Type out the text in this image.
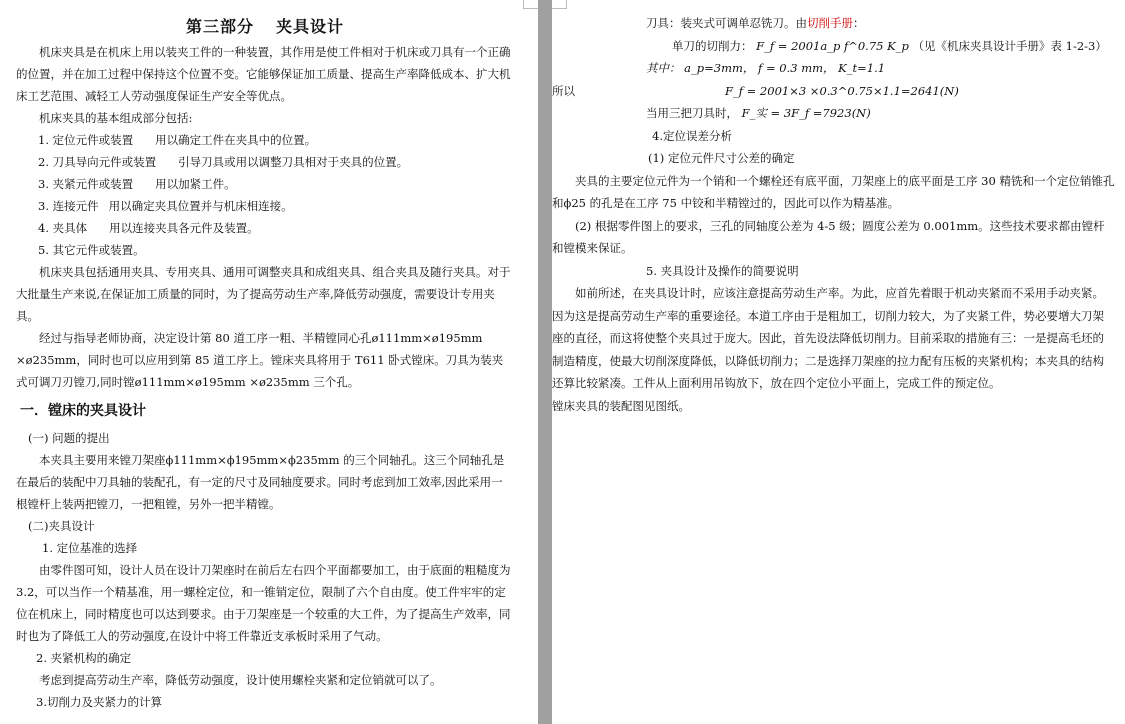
第三部分 夹具设计

机床夹具是在机床上用以装夹工件的一种装置，其作用是使工件相对于机床或刀具有一个正确的位置，并在加工过程中保持这个位置不变。它能够保证加工质量、提高生产率降低成本、扩大机床工艺范围、减轻工人劳动强度保证生产安全等优点。

机床夹具的基本组成部分包括:

1. 定位元件或装置 用以确定工件在夹具中的位置。

2. 刀具导向元件或装置 引导刀具或用以调整刀具相对于夹具的位置。

3. 夹紧元件或装置 用以加紧工件。

3. 连接元件 用以确定夹具位置并与机床相连接。

4. 夹具体 用以连接夹具各元件及装置。

5. 其它元件或装置。

机床夹具包括通用夹具、专用夹具、通用可调整夹具和成组夹具、组合夹具及随行夹具。对于大批量生产来说,在保证加工质量的同时，为了提高劳动生产率,降低劳动强度，需要设计专用夹具。

经过与指导老师协商，决定设计第 80 道工序一粗、半精镗同心孔ø111mm×ø195mm ×ø235mm，同时也可以应用到第 85 道工序上。镗床夹具将用于 T611 卧式镗床。刀具为装夹式可调刀刃镗刀,同时镗ø111mm×ø195mm ×ø235mm 三个孔。

一．镗床的夹具设计

(一) 问题的提出

本夹具主要用来镗刀架座ϕ111mm×ϕ195mm×ϕ235mm 的三个同轴孔。这三个同轴孔是在最后的装配中刀具轴的装配孔，有一定的尺寸及同轴度要求。同时考虑到加工效率,因此采用一根镗杆上装两把镗刀，一把粗镗，另外一把半精镗。

(二)夹具设计

1. 定位基准的选择

由零件图可知，设计人员在设计刀架座时在前后左右四个平面都要加工，由于底面的粗糙度为 3.2，可以当作一个精基准，用一螺栓定位，和一锥销定位，限制了六个自由度。使工件牢牢的定位在机床上，同时精度也可以达到要求。由于刀架座是一个较重的大工件，为了提高生产效率，同时也为了降低工人的劳动强度,在设计中将工件靠近支承板时采用了气动。

2. 夹紧机构的确定

考虑到提高劳动生产率，降低劳动强度，设计使用螺栓夹紧和定位销就可以了。

3.切削力及夹紧力的计算

刀具：装夹式可调单忍铣刀。由切削手册：

单刀的切削力： F_f = 2001a_p f^0.75 K_p （见《机床夹具设计手册》表 1-2-3）

其中： a_p=3mm， f = 0.3 mm， K_t=1.1

所以	F_f = 2001×3 ×0.3^0.75×1.1=2641(N)

当用三把刀具时， F_实 = 3F_f =7923(N)

4.定位误差分析

(1) 定位元件尺寸公差的确定

夹具的主要定位元件为一个销和一个螺栓还有底平面，刀架座上的底平面是工序 30 精铣和一个定位销锥孔和ϕ25 的孔是在工序 75 中铰和半精镗过的，因此可以作为精基准。

(2) 根据零件图上的要求，三孔的同轴度公差为 4-5 级；圆度公差为 0.001mm。这些技术要求都由镗杆和镗模来保证。

5. 夹具设计及操作的简要说明

如前所述，在夹具设计时，应该注意提高劳动生产率。为此，应首先着眼于机动夹紧而不采用手动夹紧。因为这是提高劳动生产率的重要途径。本道工序由于是粗加工，切削力较大，为了夹紧工件，势必要增大刀架座的直径，而这将使整个夹具过于庞大。因此，首先设法降低切削力。目前采取的措施有三：一是提高毛坯的制造精度，使最大切削深度降低，以降低切削力；二是选择刀架座的拉力配有压板的夹紧机构；本夹具的结构还算比较紧凑。工件从上面利用吊钩放下，放在四个定位小平面上，完成工件的预定位。

镗床夹具的装配图见图纸。
